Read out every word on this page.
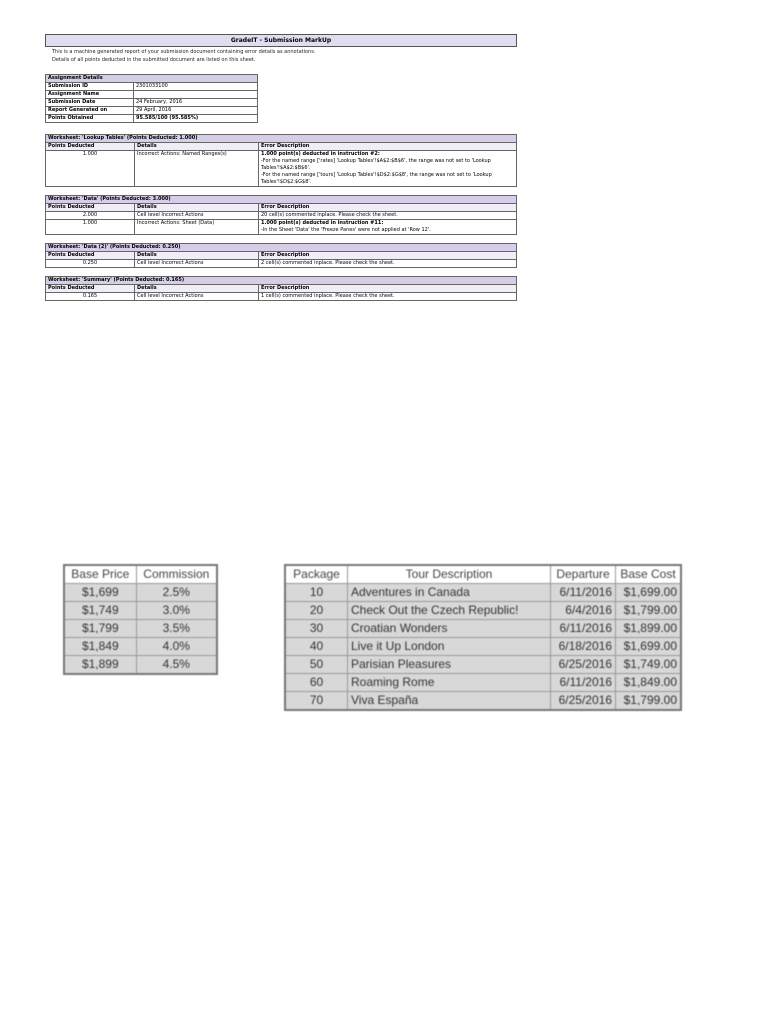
GradeIT - Submission MarkUp
This is a machine generated report of your submission document containing error details as annotations.
Details of all points deducted in the submitted document are listed on this sheet.
Assignment Details	
Submission ID	2301033100
Assignment Name	
Submission Date	24 February, 2016
Report Generated on	29 April, 2016
Points Obtained	95.585/100 (95.585%)
Worksheet: 'Lookup Tables' (Points Deducted: 1.000)		
Points Deducted	Details	Error Description
1.000	Incorrect Actions: Named Ranges(s)	1.000 point(s) deducted in instruction #2:
-For the named range ['rates] 'Lookup Tables'!$A$2:$B$6', the range was not set to 'Lookup Tables'!$A$2:$B$6'.
-For the named range ['tours] 'Lookup Tables'!$D$2:$G$8', the range was not set to 'Lookup Tables'!$D$2:$G$8'.
Worksheet: 'Data' (Points Deducted: 3.000)		
Points Deducted	Details	Error Description
2.000	Cell level Incorrect Actions	20 cell(s) commented inplace. Please check the sheet.
1.000	Incorrect Actions: Sheet (Data)	1.000 point(s) deducted in instruction #11:
-In the Sheet 'Data' the 'Freeze Panes' were not applied at 'Row 12'.
Worksheet: 'Data (2)' (Points Deducted: 0.250)		
Points Deducted	Details	Error Description
0.250	Cell level Incorrect Actions	2 cell(s) commented inplace. Please check the sheet.
Worksheet: 'Summary' (Points Deducted: 0.165)		
Points Deducted	Details	Error Description
0.165	Cell level Incorrect Actions	1 cell(s) commented inplace. Please check the sheet.
Base Price	Commission
$1,699	2.5%
$1,749	3.0%
$1,799	3.5%
$1,849	4.0%
$1,899	4.5%
Package	Tour Description	Departure	Base Cost
10	Adventures in Canada	6/11/2016	$1,699.00
20	Check Out the Czech Republic!	6/4/2016	$1,799.00
30	Croatian Wonders	6/11/2016	$1,899.00
40	Live it Up London	6/18/2016	$1,699.00
50	Parisian Pleasures	6/25/2016	$1,749.00
60	Roaming Rome	6/11/2016	$1,849.00
70	Viva España	6/25/2016	$1,799.00
